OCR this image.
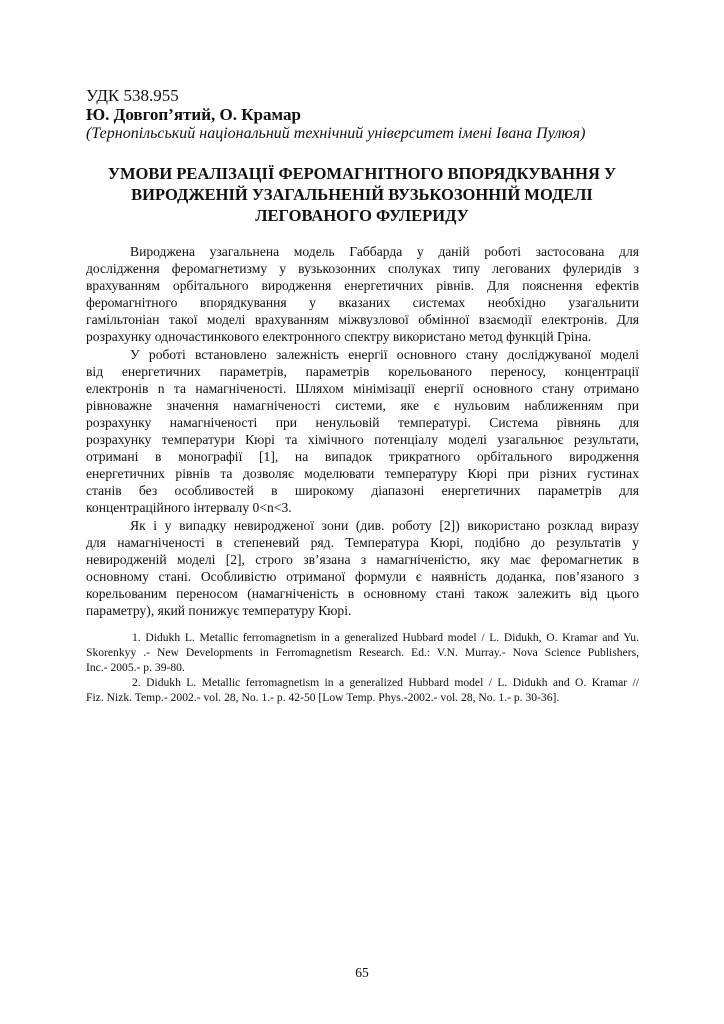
УДК 538.955
Ю. Довгоп’ятий, О. Крамар
(Тернопільський національний технічний університет імені Івана Пулюя)
УМОВИ РЕАЛІЗАЦІЇ ФЕРОМАГНІТНОГО ВПОРЯДКУВАННЯ У
ВИРОДЖЕНІЙ УЗАГАЛЬНЕНІЙ ВУЗЬКОЗОННІЙ МОДЕЛІ
ЛЕГОВАНОГО ФУЛЕРИДУ

Вироджена узагальнена модель Габбарда у даній роботі застосована для
дослідження феромагнетизму у вузькозонних сполуках типу легованих фулеридів з
врахуванням орбітального виродження енергетичних рівнів. Для пояснення ефектів
феромагнітного впорядкування у вказаних системах необхідно узагальнити
гамільтоніан такої моделі врахуванням міжвузлової обмінної взаємодії електронів. Для
розрахунку одночастинкового електронного спектру використано метод функцій Гріна.

У роботі встановлено залежність енергії основного стану досліджуваної моделі
від енергетичних параметрів, параметрів корельованого переносу, концентрації
електронів n та намагніченості. Шляхом мінімізації енергії основного стану отримано
рівноважне значення намагніченості системи, яке є нульовим наближенням при
розрахунку намагніченості при ненульовій температурі. Система рівнянь для
розрахунку температури Кюрі та хімічного потенціалу моделі узагальнює результати,
отримані в монографії [1], на випадок трикратного орбітального виродження
енергетичних рівнів та дозволяє моделювати температуру Кюрі при різних густинах
станів без особливостей в широкому діапазоні енергетичних параметрів для
концентраційного інтервалу 0<n<3.

Як і у випадку невиродженої зони (див. роботу [2]) використано розклад виразу
для намагніченості в степеневий ряд. Температура Кюрі, подібно до результатів у
невиродженій моделі [2], строго зв’язана з намагніченістю, яку має феромагнетик в
основному стані. Особливістю отриманої формули є наявність доданка, пов’язаного з
корельованим переносом (намагніченість в основному стані також залежить від цього
параметру), який понижує температуру Кюрі.

1. Didukh L. Metallic ferromagnetism in a generalized Hubbard model / L. Didukh, O. Kramar and Yu.
Skorenkyy .- New Developments in Ferromagnetism Research. Ed.: V.N. Murray.- Nova Science Publishers,
Inc.- 2005.- p. 39-80.
2. Didukh L. Metallic ferromagnetism in a generalized Hubbard model / L. Didukh and O. Kramar //
Fiz. Nizk. Temp.- 2002.- vol. 28, No. 1.- p. 42-50 [Low Temp. Phys.-2002.- vol. 28, No. 1.- p. 30-36].
65
